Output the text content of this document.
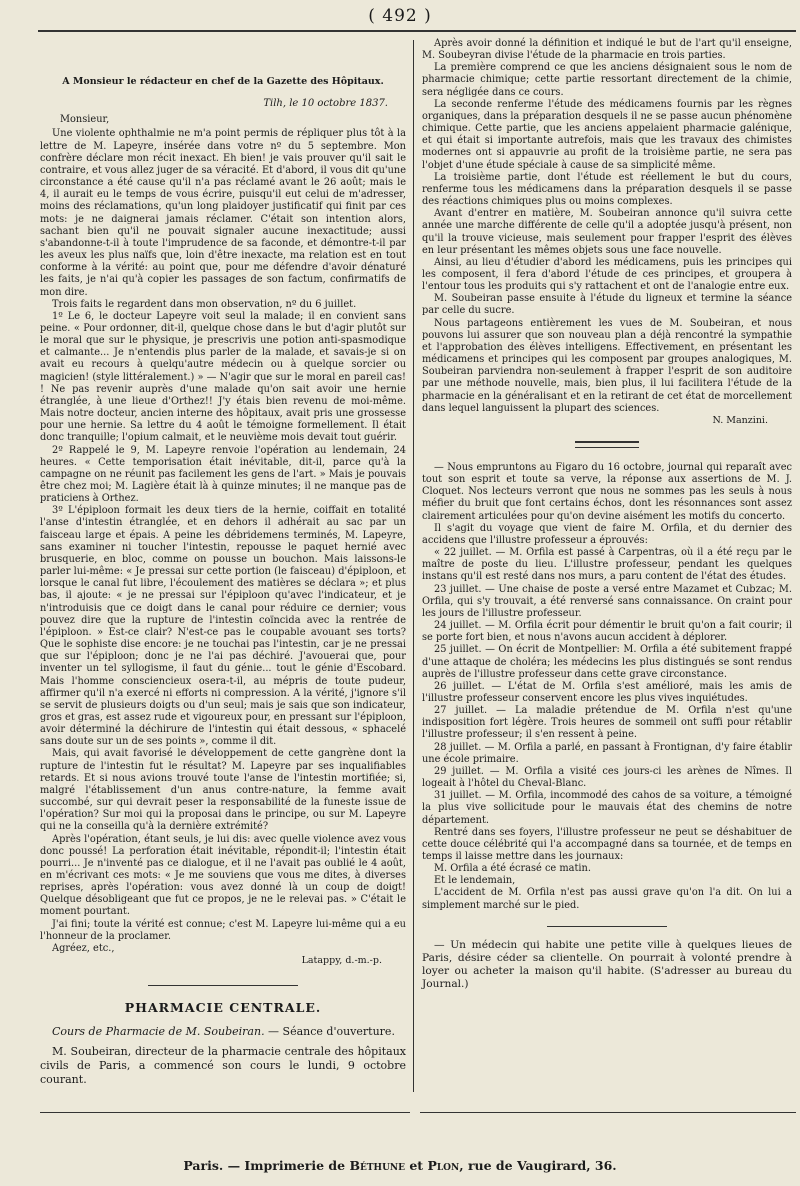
( 492 )
A Monsieur le rédacteur en chef de la Gazette des Hôpitaux.
Tilh, le 10 octobre 1837.
Monsieur,

Une violente ophthalmie ne m'a point permis de répliquer plus tôt à la lettre de M. Lapeyre, insérée dans votre nº du 5 septembre. Mon confrère déclare mon récit inexact. Eh bien! je vais prouver qu'il sait le contraire, et vous allez juger de sa véracité. Et d'abord, il vous dit qu'une circonstance a été cause qu'il n'a pas réclamé avant le 26 août; mais le 4, il aurait eu le temps de vous écrire, puisqu'il eut celui de m'adresser, moins des réclamations, qu'un long plaidoyer justificatif qui finit par ces mots: je ne daignerai jamais réclamer. C'était son intention alors, sachant bien qu'il ne pouvait signaler aucune inexactitude; aussi s'abandonne-t-il à toute l'imprudence de sa faconde, et démontre-t-il par les aveux les plus naïfs que, loin d'être inexacte, ma relation est en tout conforme à la vérité: au point que, pour me défendre d'avoir dénaturé les faits, je n'ai qu'à copier les passages de son factum, confirmatifs de mon dire.

Trois faits le regardent dans mon observation, nº du 6 juillet.

1º Le 6, le docteur Lapeyre voit seul la malade; il en convient sans peine. « Pour ordonner, dit-il, quelque chose dans le but d'agir plutôt sur le moral que sur le physique, je prescrivis une potion anti-spasmodique et calmante... Je n'entendis plus parler de la malade, et savais-je si on avait eu recours à quelqu'autre médecin ou à quelque sorcier ou magicien! (style littéralement.) » — N'agir que sur le moral en pareil cas! ! Ne pas revenir auprès d'une malade qu'on sait avoir une hernie étranglée, à une lieue d'Orthez!! J'y étais bien revenu de moi-même. Mais notre docteur, ancien interne des hôpitaux, avait pris une grossesse pour une hernie. Sa lettre du 4 août le témoigne formellement. Il était donc tranquille; l'opium calmait, et le neuvième mois devait tout guérir.

2º Rappelé le 9, M. Lapeyre renvoie l'opération au lendemain, 24 heures. « Cette temporisation était inévitable, dit-il, parce qu'à la campagne on ne réunit pas facilement les gens de l'art. » Mais je pouvais être chez moi; M. Lagière était là à quinze minutes; il ne manque pas de praticiens à Orthez.

3º L'épiploon formait les deux tiers de la hernie, coiffait en totalité l'anse d'intestin étranglée, et en dehors il adhérait au sac par un faisceau large et épais. A peine les débridemens terminés, M. Lapeyre, sans examiner ni toucher l'intestin, repousse le paquet hernié avec brusquerie, en bloc, comme on pousse un bouchon. Mais laissons-le parler lui-même: « Je pressai sur cette portion (le faisceau) d'épiploon, et lorsque le canal fut libre, l'écoulement des matières se déclara »; et plus bas, il ajoute: « je ne pressai sur l'épiploon qu'avec l'indicateur, et je n'introduisis que ce doigt dans le canal pour réduire ce dernier; vous pouvez dire que la rupture de l'intestin coïncida avec la rentrée de l'épiploon. » Est-ce clair? N'est-ce pas le coupable avouant ses torts? Que le sophiste dise encore: je ne touchai pas l'intestin, car je ne pressai que sur l'épiploon; donc je ne l'ai pas déchiré. J'avouerai que, pour inventer un tel syllogisme, il faut du génie... tout le génie d'Escobard. Mais l'homme consciencieux osera-t-il, au mépris de toute pudeur, affirmer qu'il n'a exercé ni efforts ni compression. A la vérité, j'ignore s'il se servit de plusieurs doigts ou d'un seul; mais je sais que son indicateur, gros et gras, est assez rude et vigoureux pour, en pressant sur l'épiploon, avoir déterminé la déchirure de l'intestin qui était dessous, « sphacelé sans doute sur un de ses points », comme il dit.

Mais, qui avait favorisé le développement de cette gangrène dont la rupture de l'intestin fut le résultat? M. Lapeyre par ses inqualifiables retards. Et si nous avions trouvé toute l'anse de l'intestin mortifiée; si, malgré l'établissement d'un anus contre-nature, la femme avait succombé, sur qui devrait peser la responsabilité de la funeste issue de l'opération? Sur moi qui la proposai dans le principe, ou sur M. Lapeyre qui ne la conseilla qu'à la dernière extrémité?

Après l'opération, étant seuls, je lui dis: avec quelle violence avez vous donc poussé! La perforation était inévitable, répondit-il; l'intestin était pourri... Je n'inventé pas ce dialogue, et il ne l'avait pas oublié le 4 août, en m'écrivant ces mots: « Je me souviens que vous me dites, à diverses reprises, après l'opération: vous avez donné là un coup de doigt! Quelque désobligeant que fut ce propos, je ne le relevai pas. » C'était le moment pourtant.

J'ai fini; toute la vérité est connue; c'est M. Lapeyre lui-même qui a eu l'honneur de la proclamer.

Agréez, etc.,

Latappy, d.-m.-p.
PHARMACIE CENTRALE.
Cours de Pharmacie de M. Soubeiran. — Séance d'ouverture.

M. Soubeiran, directeur de la pharmacie centrale des hôpitaux civils de Paris, a commencé son cours le lundi, 9 octobre courant.

Après avoir donné la définition et indiqué le but de l'art qu'il enseigne, M. Soubeyran divise l'étude de la pharmacie en trois parties.

La première comprend ce que les anciens désignaient sous le nom de pharmacie chimique; cette partie ressortant directement de la chimie, sera négligée dans ce cours.

La seconde renferme l'étude des médicamens fournis par les règnes organiques, dans la préparation desquels il ne se passe aucun phénomène chimique. Cette partie, que les anciens appelaient pharmacie galénique, et qui était si importante autrefois, mais que les travaux des chimistes modernes ont si appauvrie au profit de la troisième partie, ne sera pas l'objet d'une étude spéciale à cause de sa simplicité même.

La troisième partie, dont l'étude est réellement le but du cours, renferme tous les médicamens dans la préparation desquels il se passe des réactions chimiques plus ou moins complexes.

Avant d'entrer en matière, M. Soubeiran annonce qu'il suivra cette année une marche différente de celle qu'il a adoptée jusqu'à présent, non qu'il la trouve vicieuse, mais seulement pour frapper l'esprit des élèves en leur présentant les mêmes objets sous une face nouvelle.

Ainsi, au lieu d'étudier d'abord les médicamens, puis les principes qui les composent, il fera d'abord l'étude de ces principes, et groupera à l'entour tous les produits qui s'y rattachent et ont de l'analogie entre eux.

M. Soubeiran passe ensuite à l'étude du ligneux et termine la séance par celle du sucre.

Nous partageons entièrement les vues de M. Soubeiran, et nous pouvons lui assurer que son nouveau plan a déjà rencontré la sympathie et l'approbation des élèves intelligens. Effectivement, en présentant les médicamens et principes qui les composent par groupes analogiques, M. Soubeiran parviendra non-seulement à frapper l'esprit de son auditoire par une méthode nouvelle, mais, bien plus, il lui facilitera l'étude de la pharmacie en la généralisant et en la retirant de cet état de morcellement dans lequel languissent la plupart des sciences.

N. Manzini.

— Nous empruntons au Figaro du 16 octobre, journal qui reparaît avec tout son esprit et toute sa verve, la réponse aux assertions de M. J. Cloquet. Nos lecteurs verront que nous ne sommes pas les seuls à nous méfier du bruit que font certains échos, dont les résonnances sont assez clairement articulées pour qu'on devine aisément les motifs du concerto.

Il s'agit du voyage que vient de faire M. Orfila, et du dernier des accidens que l'illustre professeur a éprouvés:

« 22 juillet. — M. Orfila est passé à Carpentras, où il a été reçu par le maître de poste du lieu. L'illustre professeur, pendant les quelques instans qu'il est resté dans nos murs, a paru content de l'état des études.

23 juillet. — Une chaise de poste a versé entre Mazamet et Cubzac; M. Orfila, qui s'y trouvait, a été renversé sans connaissance. On craint pour les jours de l'illustre professeur.

24 juillet. — M. Orfila écrit pour démentir le bruit qu'on a fait courir; il se porte fort bien, et nous n'avons aucun accident à déplorer.

25 juillet. — On écrit de Montpellier: M. Orfila a été subitement frappé d'une attaque de choléra; les médecins les plus distingués se sont rendus auprès de l'illustre professeur dans cette grave circonstance.

26 juillet. — L'état de M. Orfila s'est amélioré, mais les amis de l'illustre professeur conservent encore les plus vives inquiétudes.

27 juillet. — La maladie prétendue de M. Orfila n'est qu'une indisposition fort légère. Trois heures de sommeil ont suffi pour rétablir l'illustre professeur; il s'en ressent à peine.

28 juillet. — M. Orfila a parlé, en passant à Frontignan, d'y faire établir une école primaire.

29 juillet. — M. Orfila a visité ces jours-ci les arènes de Nîmes. Il logeait à l'hôtel du Cheval-Blanc.

31 juillet. — M. Orfila, incommodé des cahos de sa voiture, a témoigné la plus vive sollicitude pour le mauvais état des chemins de notre département.

Rentré dans ses foyers, l'illustre professeur ne peut se déshabituer de cette douce célébrité qui l'a accompagné dans sa tournée, et de temps en temps il laisse mettre dans les journaux:

M. Orfila a été écrasé ce matin.

Et le lendemain,

L'accident de M. Orfila n'est pas aussi grave qu'on l'a dit. On lui a simplement marché sur le pied.

— Un médecin qui habite une petite ville à quelques lieues de Paris, désire céder sa clientelle. On pourrait à volonté prendre à loyer ou acheter la maison qu'il habite. (S'adresser au bureau du Journal.)

Paris. — Imprimerie de Béthune et Plon, rue de Vaugirard, 36.
